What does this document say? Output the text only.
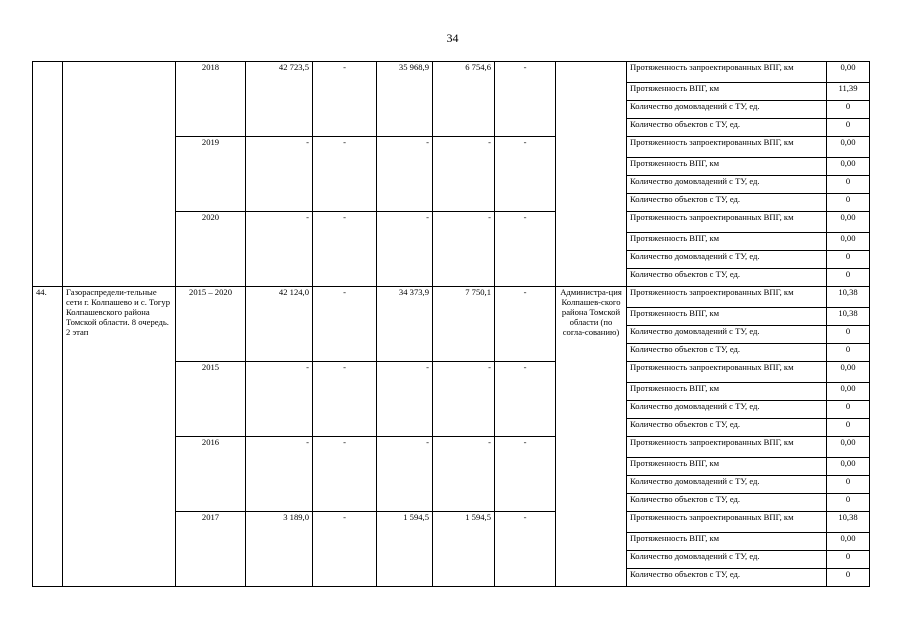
34
		2018	42 723,5	-	35 968,9	6 754,6	-		Протяженность запроектированных ВПГ, км	0,00
									Протяженность ВПГ, км	11,39
									Количество домовладений с ТУ, ед.	0
									Количество объектов с ТУ, ед.	0
		2019	-	-	-	-	-		Протяженность запроектированных ВПГ, км	0,00
									Протяженность ВПГ, км	0,00
									Количество домовладений с ТУ, ед.	0
									Количество объектов с ТУ, ед.	0
		2020	-	-	-	-	-		Протяженность запроектированных ВПГ, км	0,00
									Протяженность ВПГ, км	0,00
									Количество домовладений с ТУ, ед.	0
									Количество объектов с ТУ, ед.	0
44.	Газораспредели-тельные сети г. Колпашево и с. Тогур Колпашевского района Томской области. 8 очередь. 2 этап	2015 – 2020	42 124,0	-	34 373,9	7 750,1	-	Администра-ция Колпашев-ского района Томской области (по согла-сованию)	Протяженность запроектированных ВПГ, км	10,38
									Протяженность ВПГ, км	10,38
									Количество домовладений с ТУ, ед.	0
									Количество объектов с ТУ, ед.	0
		2015	-	-	-	-	-		Протяженность запроектированных ВПГ, км	0,00
									Протяженность ВПГ, км	0,00
									Количество домовладений с ТУ, ед.	0
									Количество объектов с ТУ, ед.	0
		2016	-	-	-	-	-		Протяженность запроектированных ВПГ, км	0,00
									Протяженность ВПГ, км	0,00
									Количество домовладений с ТУ, ед.	0
									Количество объектов с ТУ, ед.	0
		2017	3 189,0	-	1 594,5	1 594,5	-		Протяженность запроектированных ВПГ, км	10,38
									Протяженность ВПГ, км	0,00
									Количество домовладений с ТУ, ед.	0
									Количество объектов с ТУ, ед.	0
